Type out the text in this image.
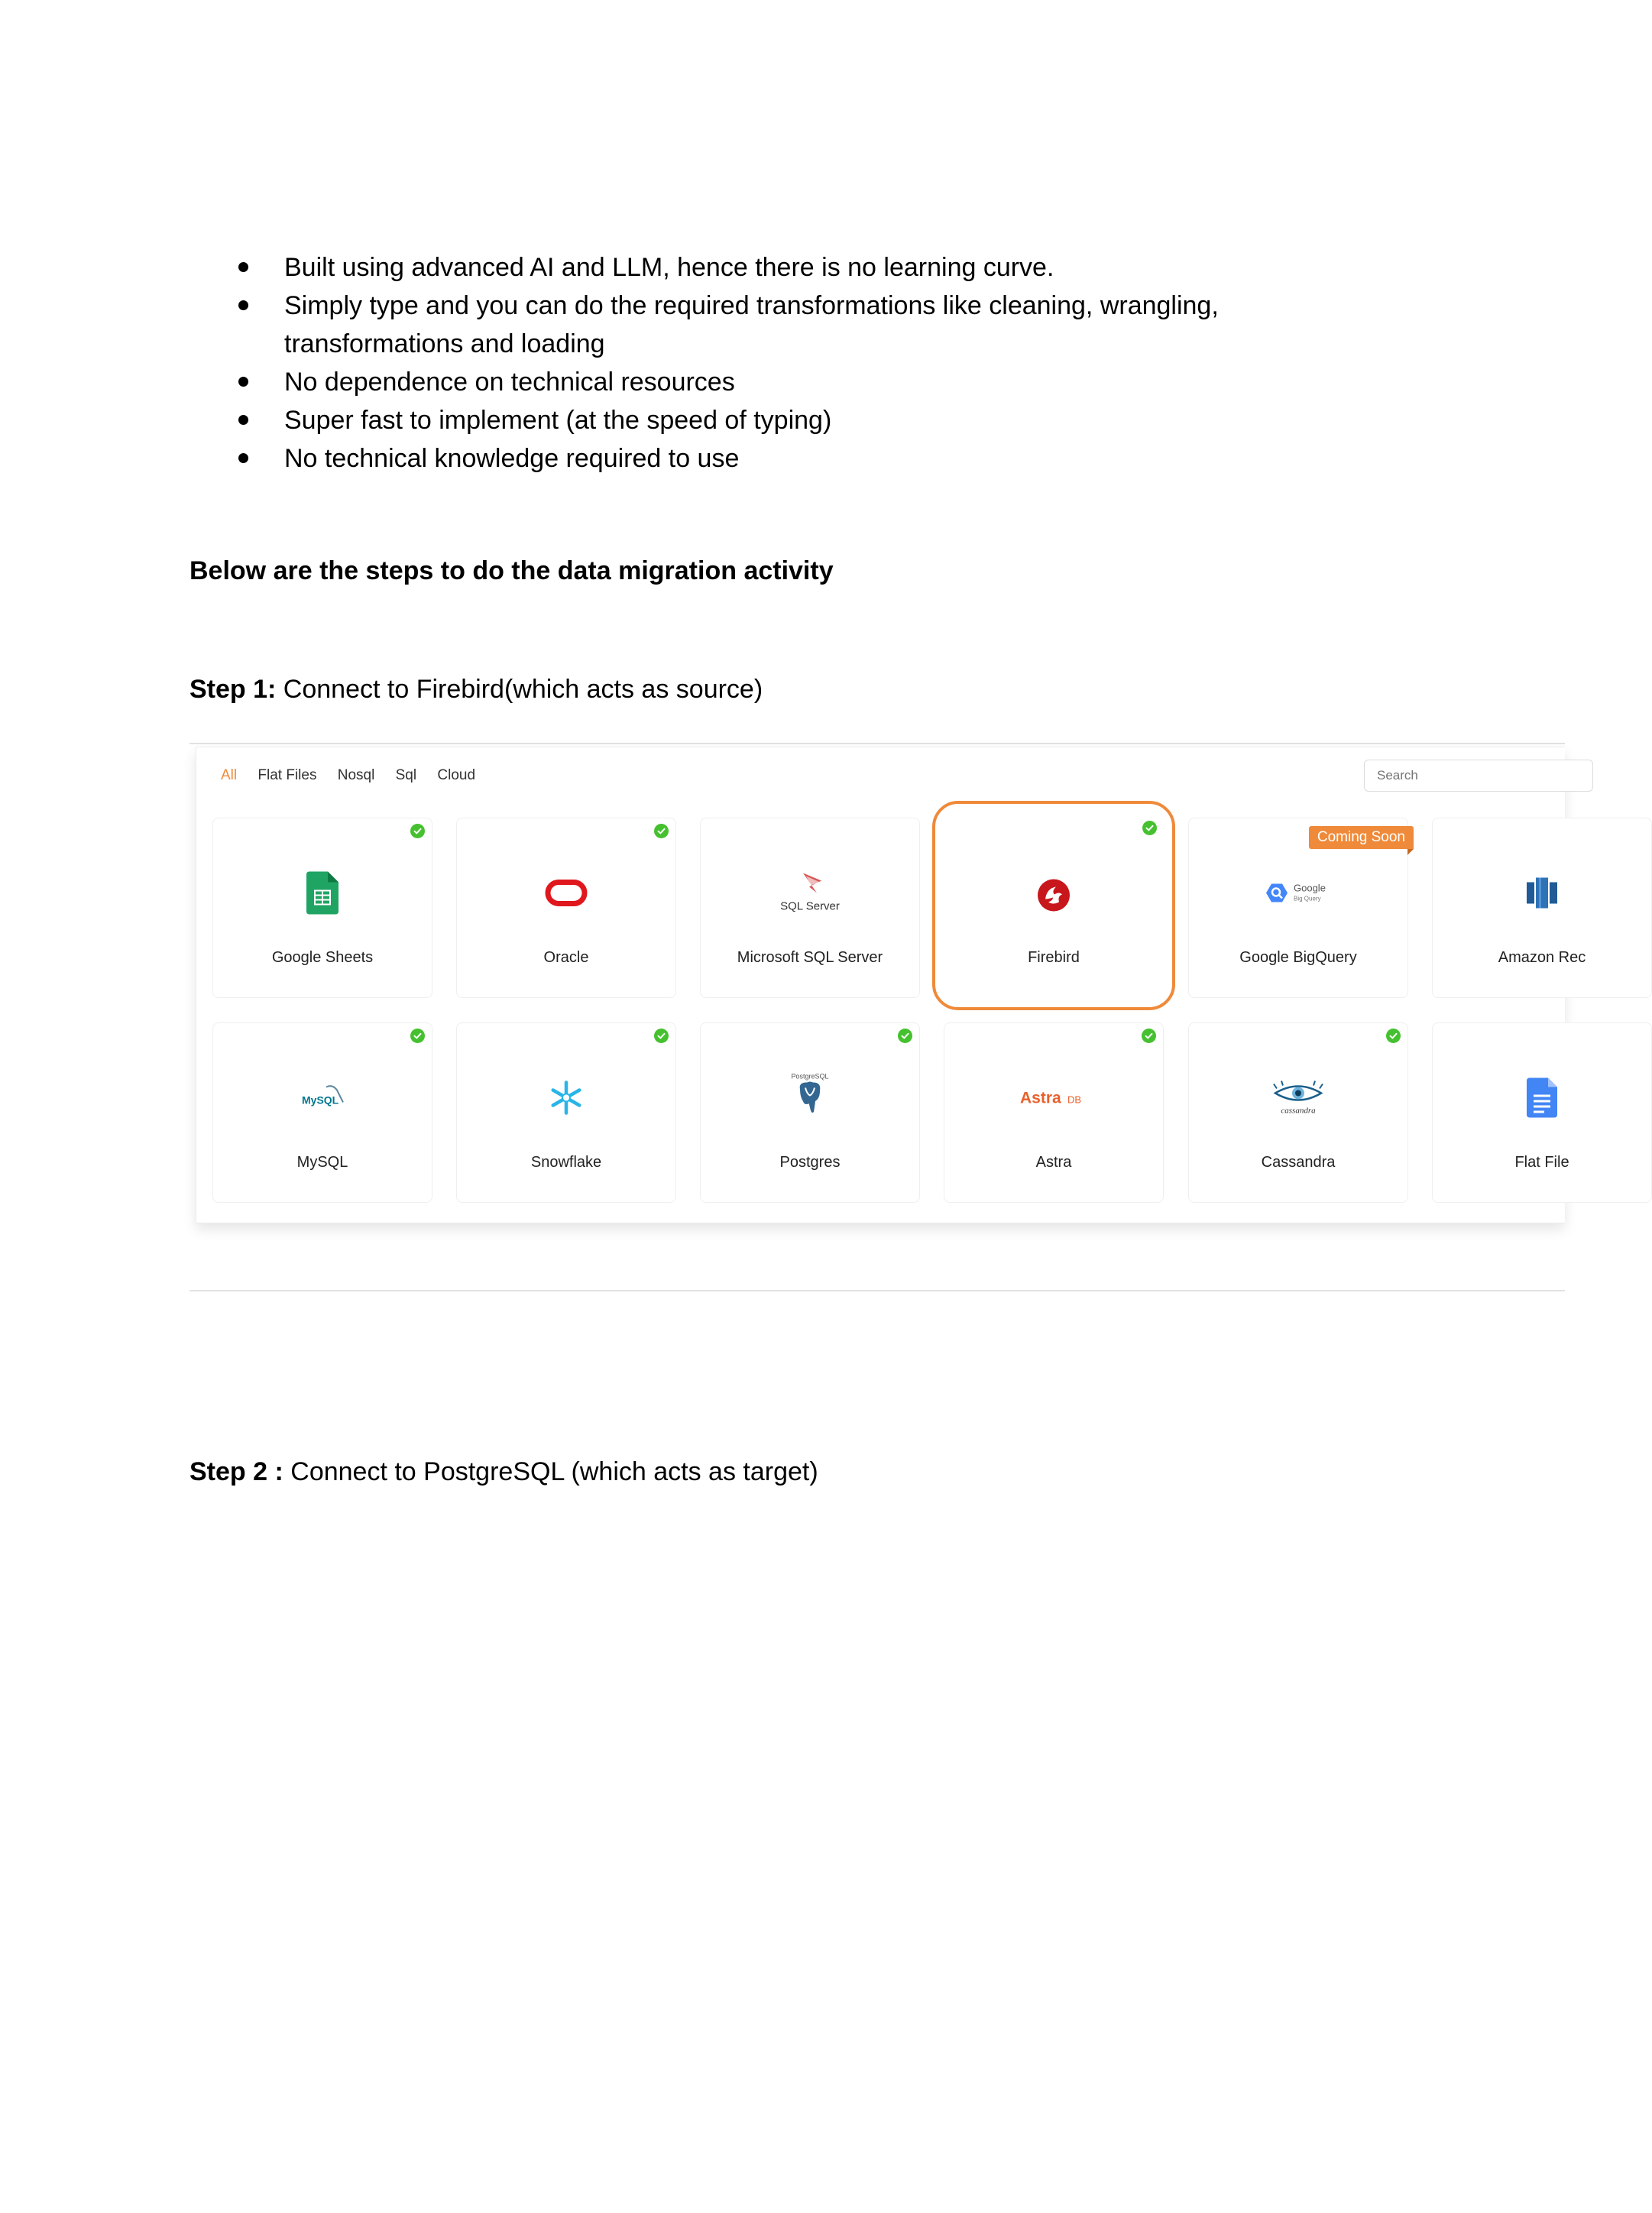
Built using advanced AI and LLM, hence there is no learning curve.
Simply type and you can do the required transformations like cleaning, wrangling, transformations and loading
No dependence on technical resources
Super fast to implement (at the speed of typing)
No technical knowledge required to use
Below are the steps to do the data migration activity
Step 1: Connect to Firebird(which acts as source)
All Flat Files Nosql Sql Cloud
Search
Google Sheets	Oracle
SQL Server
Microsoft SQL Server	Firebird
Coming Soon
Google
Big Query
Google BigQuery	Amazon Rec
MySQL
MySQL	Snowflake
PostgreSQL
Postgres
Astra DB
Astra
cassandra
Cassandra	Flat File
Step 2 : Connect to PostgreSQL (which acts as target)
